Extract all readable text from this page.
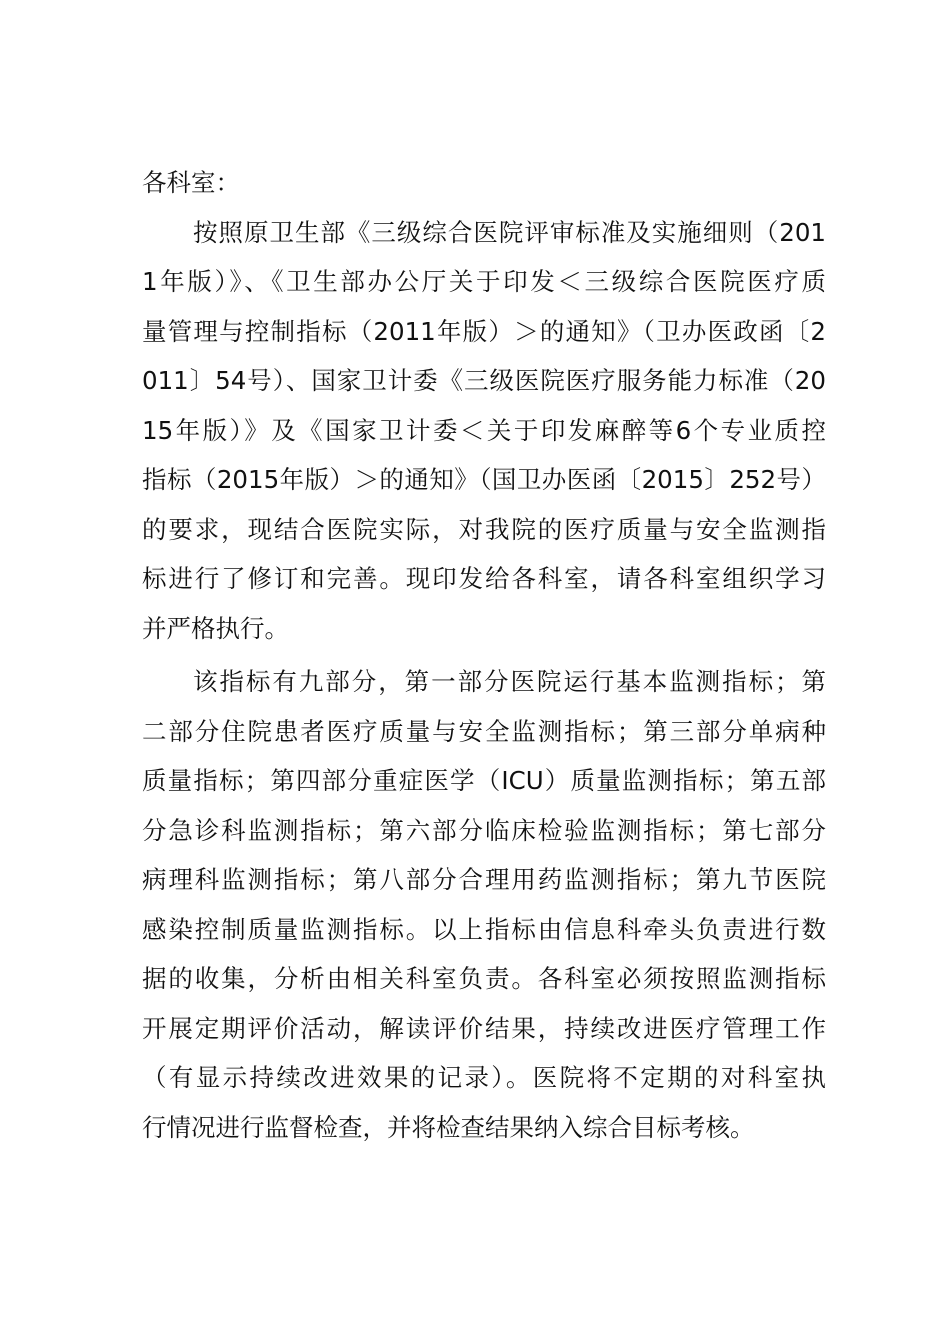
各科室：
按照原卫生部《三级综合医院评审标准及实施细则（201
1年版）》、《卫生部办公厅关于印发＜三级综合医院医疗质
量管理与控制指标（2011年版）＞的通知》（卫办医政函〔2
011〕54号）、国家卫计委《三级医院医疗服务能力标准（20
15年版）》及《国家卫计委＜关于印发麻醉等6个专业质控
指标（2015年版）＞的通知》（国卫办医函〔2015〕252号）
的要求，现结合医院实际，对我院的医疗质量与安全监测指
标进行了修订和完善。现印发给各科室，请各科室组织学习
并严格执行。
该指标有九部分，第一部分医院运行基本监测指标；第
二部分住院患者医疗质量与安全监测指标；第三部分单病种
质量指标；第四部分重症医学（ICU）质量监测指标；第五部
分急诊科监测指标；第六部分临床检验监测指标；第七部分
病理科监测指标；第八部分合理用药监测指标；第九节医院
感染控制质量监测指标。以上指标由信息科牵头负责进行数
据的收集，分析由相关科室负责。各科室必须按照监测指标
开展定期评价活动，解读评价结果，持续改进医疗管理工作
（有显示持续改进效果的记录）。医院将不定期的对科室执
行情况进行监督检查，并将检查结果纳入综合目标考核。
